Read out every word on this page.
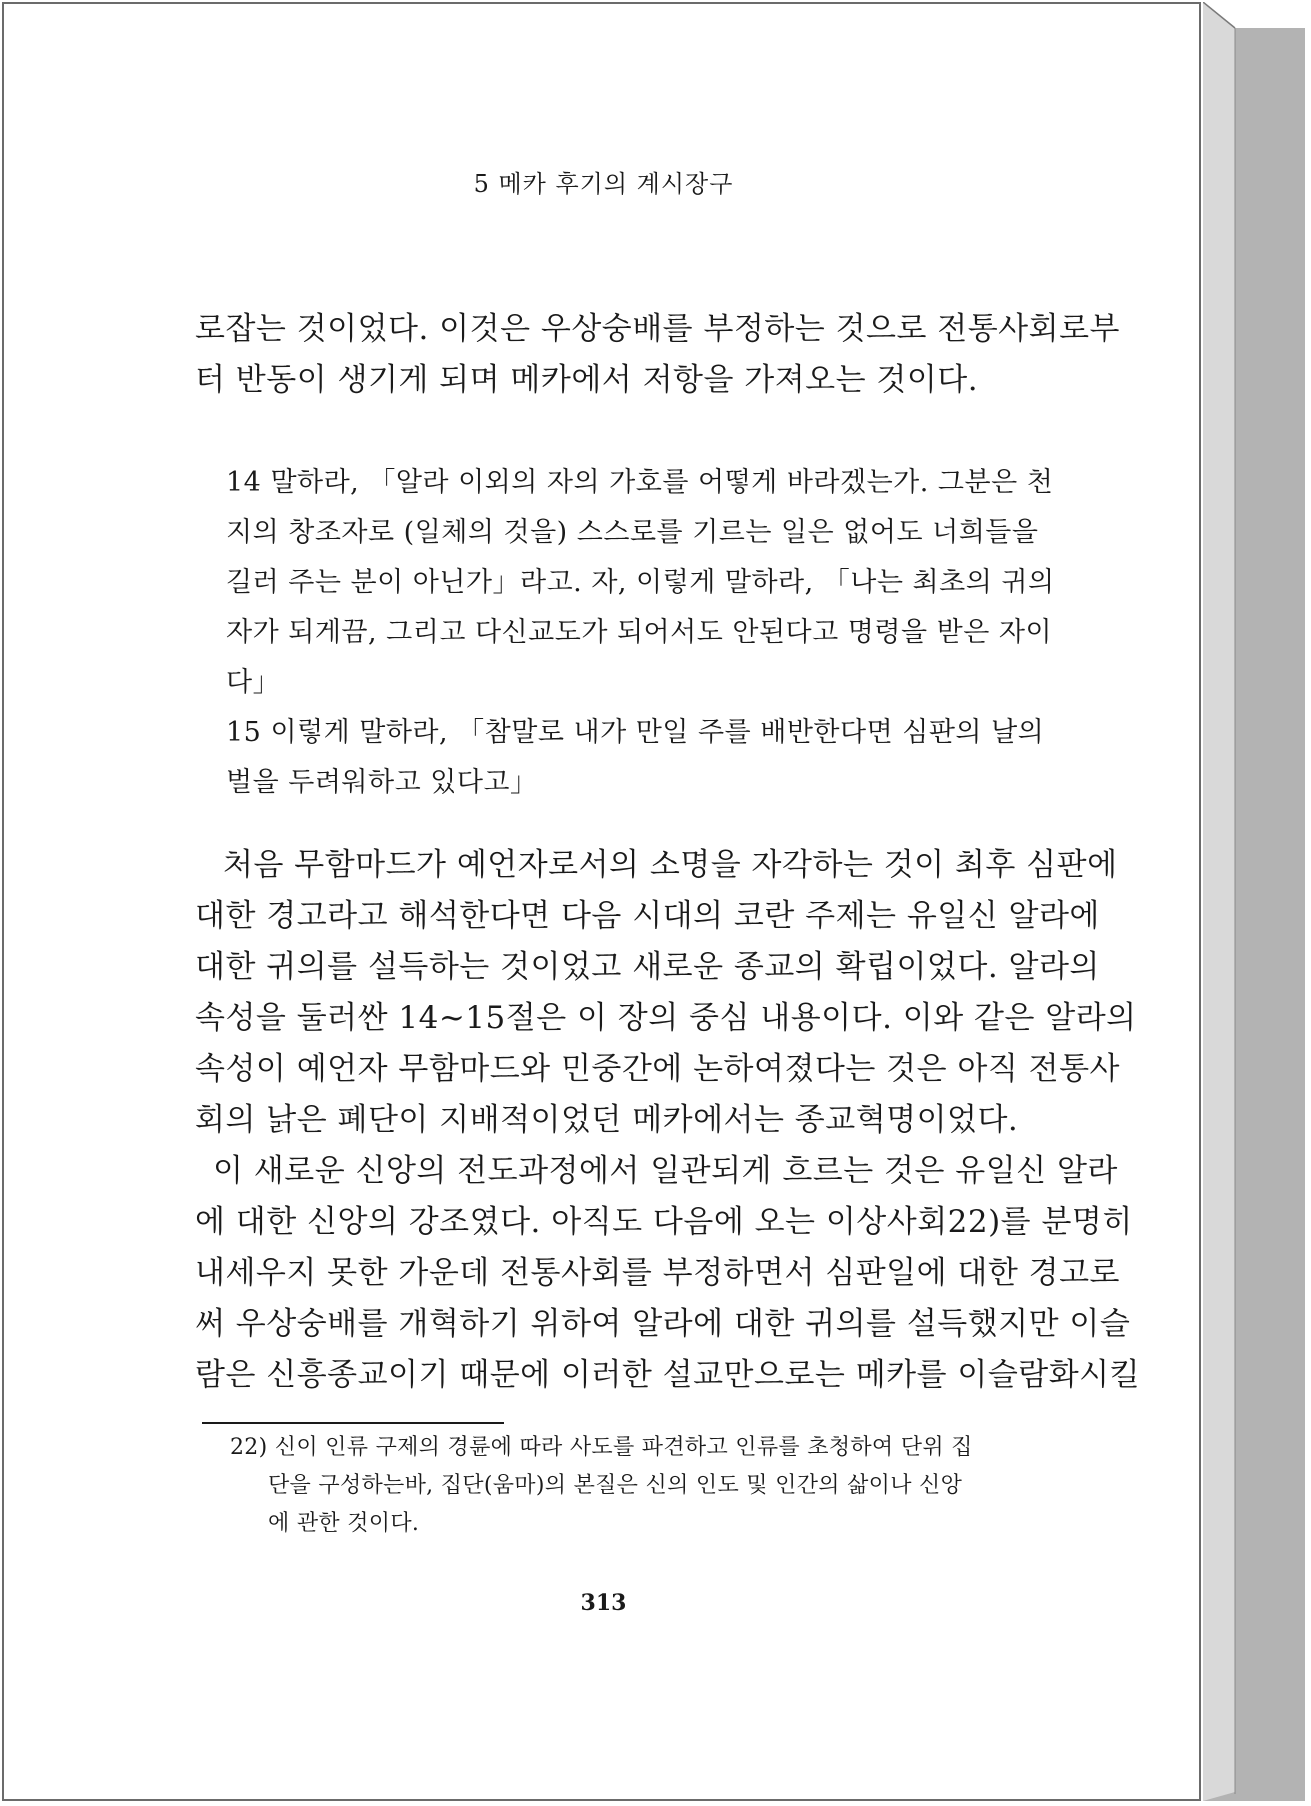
5 메카 후기의 계시장구
로잡는 것이었다. 이것은 우상숭배를 부정하는 것으로 전통사회로부
터 반동이 생기게 되며 메카에서 저항을 가져오는 것이다.
14 말하라, 「알라 이외의 자의 가호를 어떻게 바라겠는가. 그분은 천
지의 창조자로 (일체의 것을) 스스로를 기르는 일은 없어도 너희들을
길러 주는 분이 아닌가」라고. 자, 이렇게 말하라, 「나는 최초의 귀의
자가 되게끔, 그리고 다신교도가 되어서도 안된다고 명령을 받은 자이
다」
15 이렇게 말하라, 「참말로 내가 만일 주를 배반한다면 심판의 날의
벌을 두려워하고 있다고」
처음 무함마드가 예언자로서의 소명을 자각하는 것이 최후 심판에
대한 경고라고 해석한다면 다음 시대의 코란 주제는 유일신 알라에
대한 귀의를 설득하는 것이었고 새로운 종교의 확립이었다. 알라의
속성을 둘러싼 14~15절은 이 장의 중심 내용이다. 이와 같은 알라의
속성이 예언자 무함마드와 민중간에 논하여졌다는 것은 아직 전통사
회의 낡은 폐단이 지배적이었던 메카에서는 종교혁명이었다.
이 새로운 신앙의 전도과정에서 일관되게 흐르는 것은 유일신 알라
에 대한 신앙의 강조였다. 아직도 다음에 오는 이상사회22)를 분명히
내세우지 못한 가운데 전통사회를 부정하면서 심판일에 대한 경고로
써 우상숭배를 개혁하기 위하여 알라에 대한 귀의를 설득했지만 이슬
람은 신흥종교이기 때문에 이러한 설교만으로는 메카를 이슬람화시킬
22) 신이 인류 구제의 경륜에 따라 사도를 파견하고 인류를 초청하여 단위 집
단을 구성하는바, 집단(움마)의 본질은 신의 인도 및 인간의 삶이나 신앙
에 관한 것이다.
313
